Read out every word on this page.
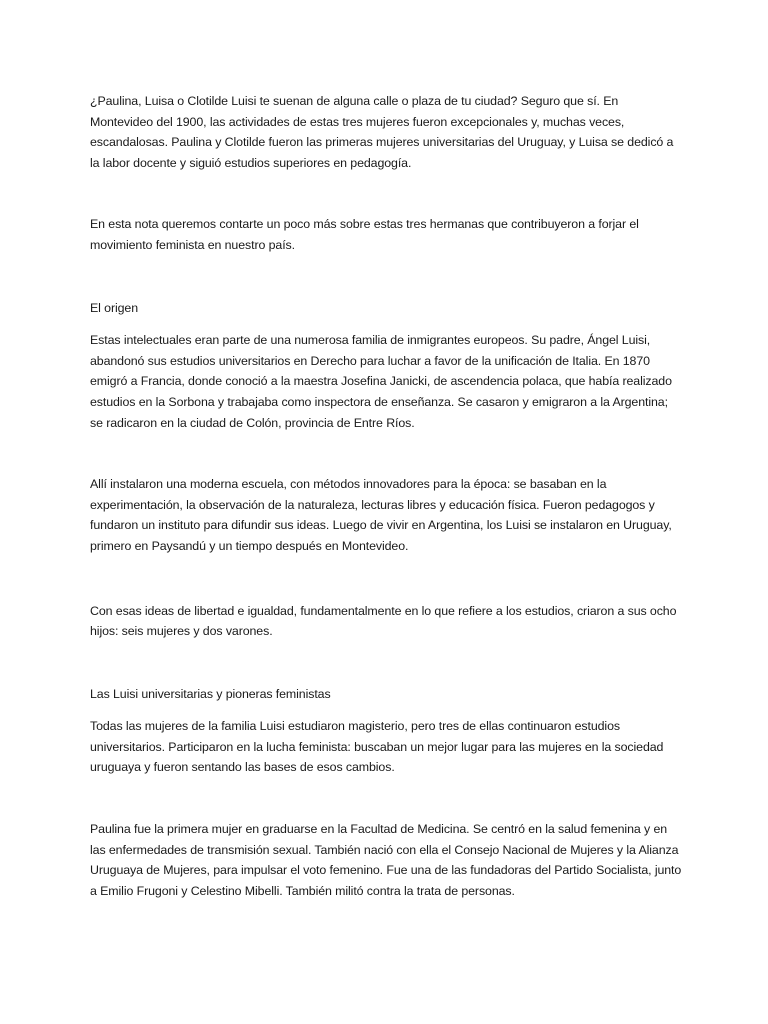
¿Paulina, Luisa o Clotilde Luisi te suenan de alguna calle o plaza de tu ciudad? Seguro que sí. En Montevideo del 1900, las actividades de estas tres mujeres fueron excepcionales y, muchas veces, escandalosas. Paulina y Clotilde fueron las primeras mujeres universitarias del Uruguay, y Luisa se dedicó a la labor docente y siguió estudios superiores en pedagogía.

En esta nota queremos contarte un poco más sobre estas tres hermanas que contribuyeron a forjar el movimiento feminista en nuestro país.

El origen

Estas intelectuales eran parte de una numerosa familia de inmigrantes europeos. Su padre, Ángel Luisi, abandonó sus estudios universitarios en Derecho para luchar a favor de la unificación de Italia. En 1870 emigró a Francia, donde conoció a la maestra Josefina Janicki, de ascendencia polaca, que había realizado estudios en la Sorbona y trabajaba como inspectora de enseñanza. Se casaron y emigraron a la Argentina; se radicaron en la ciudad de Colón, provincia de Entre Ríos.

Allí instalaron una moderna escuela, con métodos innovadores para la época: se basaban en la experimentación, la observación de la naturaleza, lecturas libres y educación física. Fueron pedagogos y fundaron un instituto para difundir sus ideas. Luego de vivir en Argentina, los Luisi se instalaron en Uruguay, primero en Paysandú y un tiempo después en Montevideo.

Con esas ideas de libertad e igualdad, fundamentalmente en lo que refiere a los estudios, criaron a sus ocho hijos: seis mujeres y dos varones.

Las Luisi universitarias y pioneras feministas

Todas las mujeres de la familia Luisi estudiaron magisterio, pero tres de ellas continuaron estudios universitarios. Participaron en la lucha feminista: buscaban un mejor lugar para las mujeres en la sociedad uruguaya y fueron sentando las bases de esos cambios.

Paulina fue la primera mujer en graduarse en la Facultad de Medicina. Se centró en la salud femenina y en las enfermedades de transmisión sexual. También nació con ella el Consejo Nacional de Mujeres y la Alianza Uruguaya de Mujeres, para impulsar el voto femenino. Fue una de las fundadoras del Partido Socialista, junto a Emilio Frugoni y Celestino Mibelli. También militó contra la trata de personas.
